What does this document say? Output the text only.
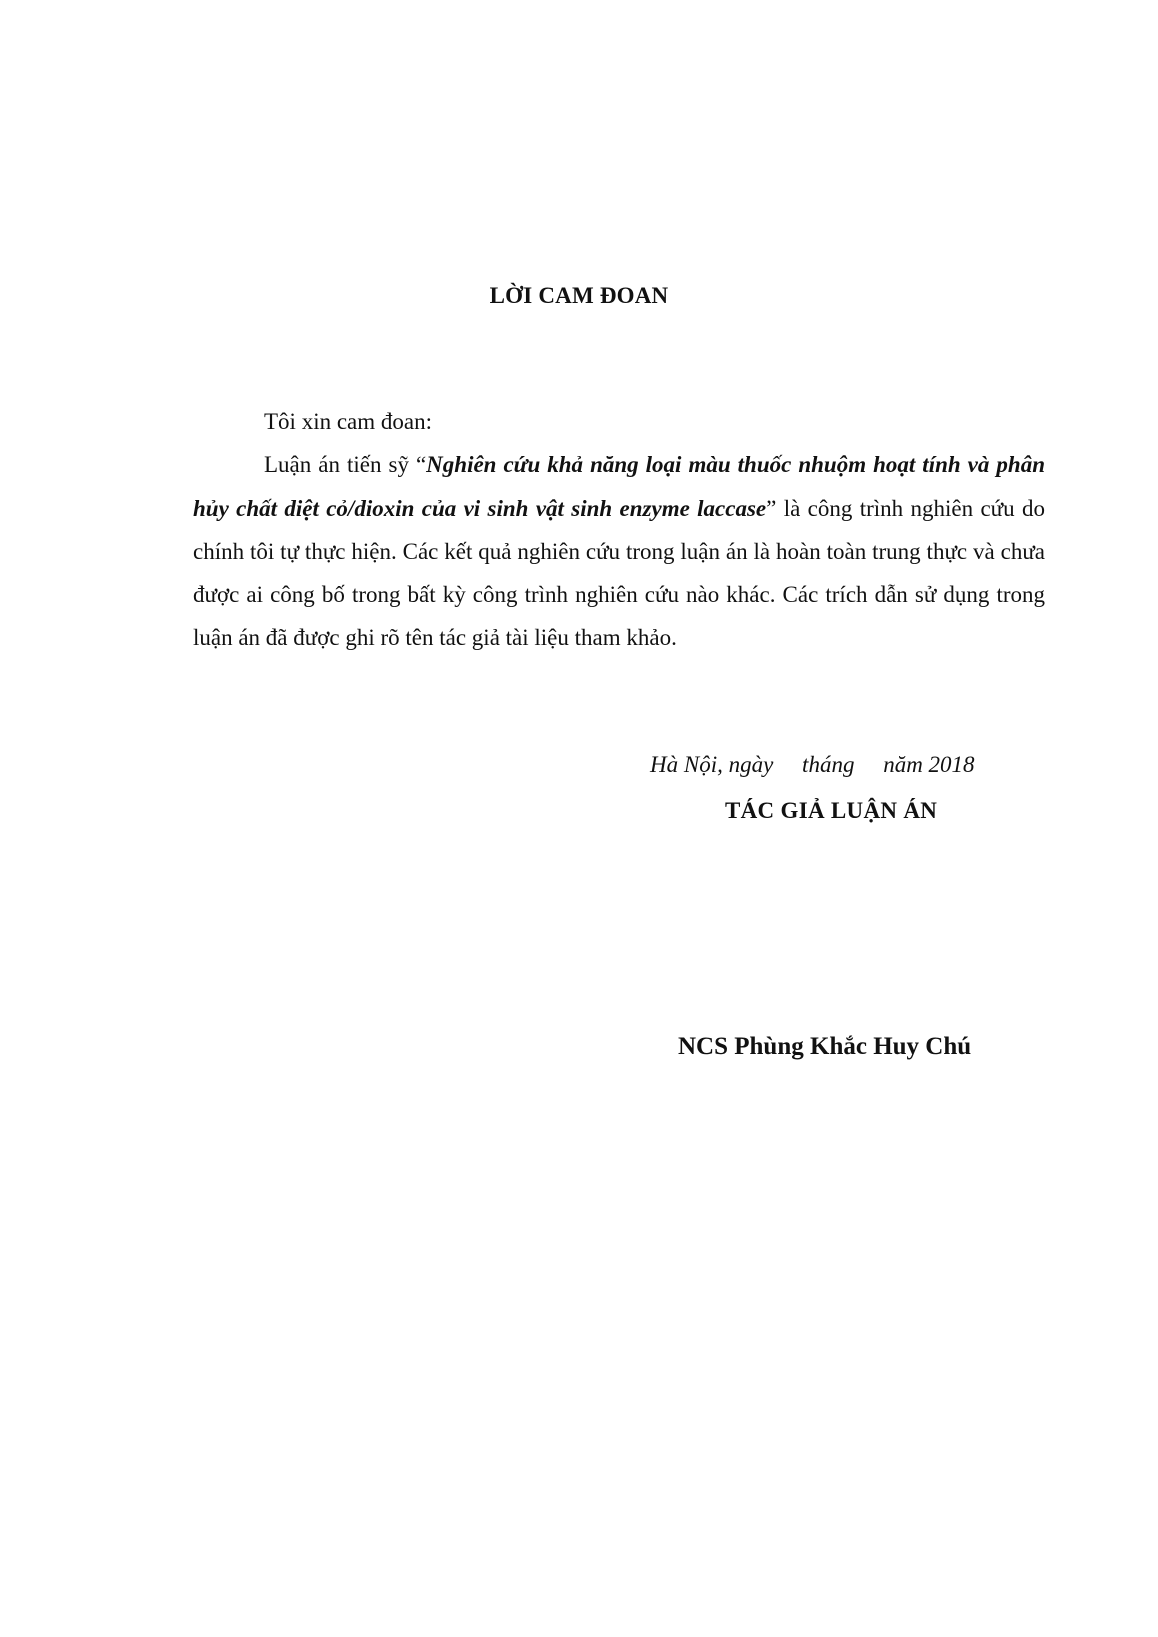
LỜI CAM ĐOAN

Tôi xin cam đoan:

Luận án tiến sỹ “Nghiên cứu khả năng loại màu thuốc nhuộm hoạt tính và phân hủy chất diệt cỏ/dioxin của vi sinh vật sinh enzyme laccase” là công trình nghiên cứu do chính tôi tự thực hiện. Các kết quả nghiên cứu trong luận án là hoàn toàn trung thực và chưa được ai công bố trong bất kỳ công trình nghiên cứu nào khác. Các trích dẫn sử dụng trong luận án đã được ghi rõ tên tác giả tài liệu tham khảo.

Hà Nội, ngày     tháng     năm 2018
TÁC GIẢ LUẬN ÁN
NCS Phùng Khắc Huy Chú
